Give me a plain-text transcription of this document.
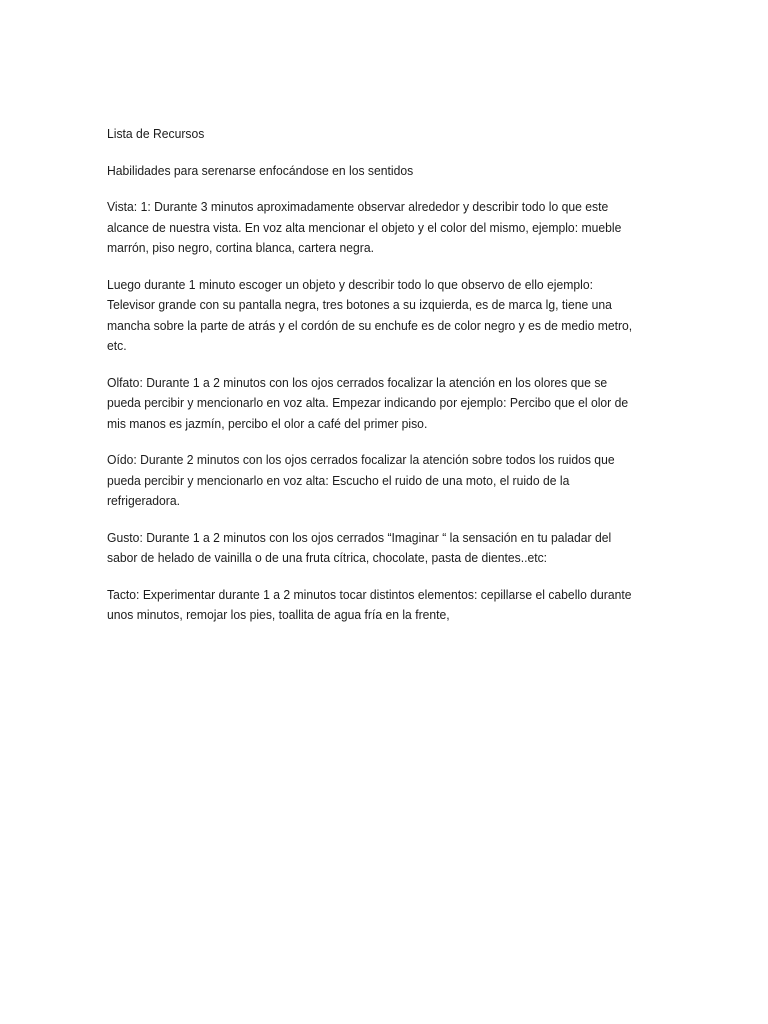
Lista de Recursos

Habilidades para serenarse enfocándose en los sentidos

Vista: 1: Durante 3 minutos aproximadamente observar alrededor y describir todo lo que este
alcance de nuestra vista. En voz alta mencionar el objeto y el color del mismo, ejemplo: mueble
marrón, piso negro, cortina blanca, cartera negra.

Luego durante 1 minuto escoger un objeto y describir todo lo que observo de ello ejemplo:
Televisor grande con su pantalla negra, tres botones a su izquierda, es de marca lg, tiene una
mancha sobre la parte de atrás y el cordón de su enchufe es de color negro y es de medio metro,
etc.

Olfato: Durante 1 a 2 minutos con los ojos cerrados focalizar la atención en los olores que se
pueda percibir y mencionarlo en voz alta. Empezar indicando por ejemplo: Percibo que el olor de
mis manos es jazmín, percibo el olor a café del primer piso.

Oído: Durante 2 minutos con los ojos cerrados focalizar la atención sobre todos los ruidos que
pueda percibir y mencionarlo en voz alta: Escucho el ruido de una moto, el ruido de la
refrigeradora.

Gusto: Durante 1 a 2 minutos con los ojos cerrados “Imaginar “ la sensación en tu paladar del
sabor de helado de vainilla o de una fruta cítrica, chocolate, pasta de dientes..etc:

Tacto: Experimentar durante 1 a 2 minutos tocar distintos elementos: cepillarse el cabello durante
unos minutos, remojar los pies, toallita de agua fría en la frente,
